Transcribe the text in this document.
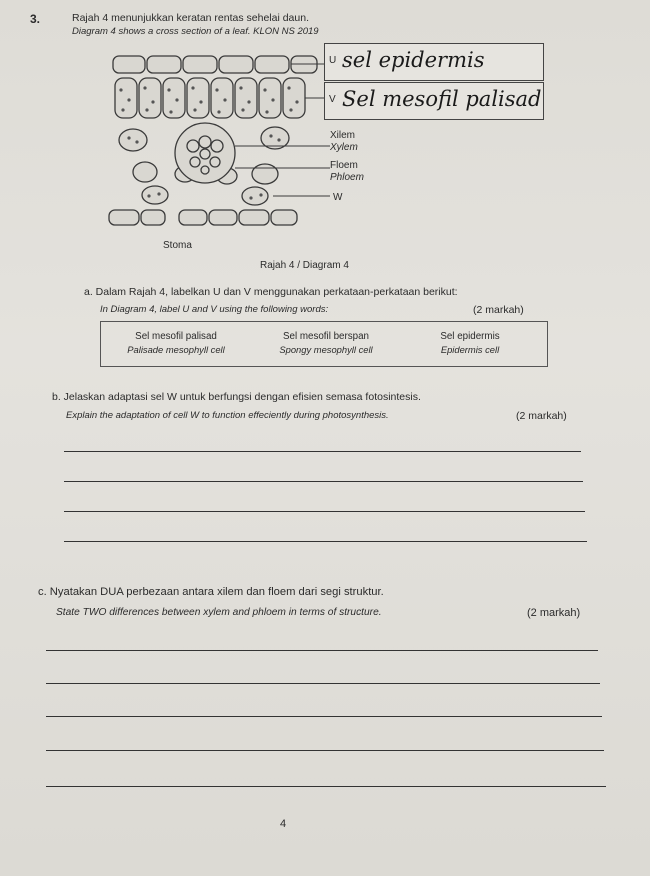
3.	Rajah 4 menunjukkan keratan rentas sehelai daun.
Diagram 4 shows a cross section of a leaf. KLON NS 2019
U
V
sel epidermis
Sel mesofil palisad
Xilem
Xylem
Floem
Phloem
W
Stoma
Rajah 4 / Diagram 4
a. Dalam Rajah 4, labelkan U dan V menggunakan perkataan-perkataan berikut:
In Diagram 4, label U and V using the following words:	(2 markah)
Sel mesofil palisad
Palisade mesophyll cell
Sel mesofil berspan
Spongy mesophyll cell
Sel epidermis
Epidermis cell
b. Jelaskan adaptasi sel W untuk berfungsi dengan efisien semasa fotosintesis.
Explain the adaptation of cell W to function effeciently during photosynthesis.	(2 markah)
c. Nyatakan DUA perbezaan antara xilem dan floem dari segi struktur.
State TWO differences between xylem and phloem in terms of structure.	(2 markah)
4
